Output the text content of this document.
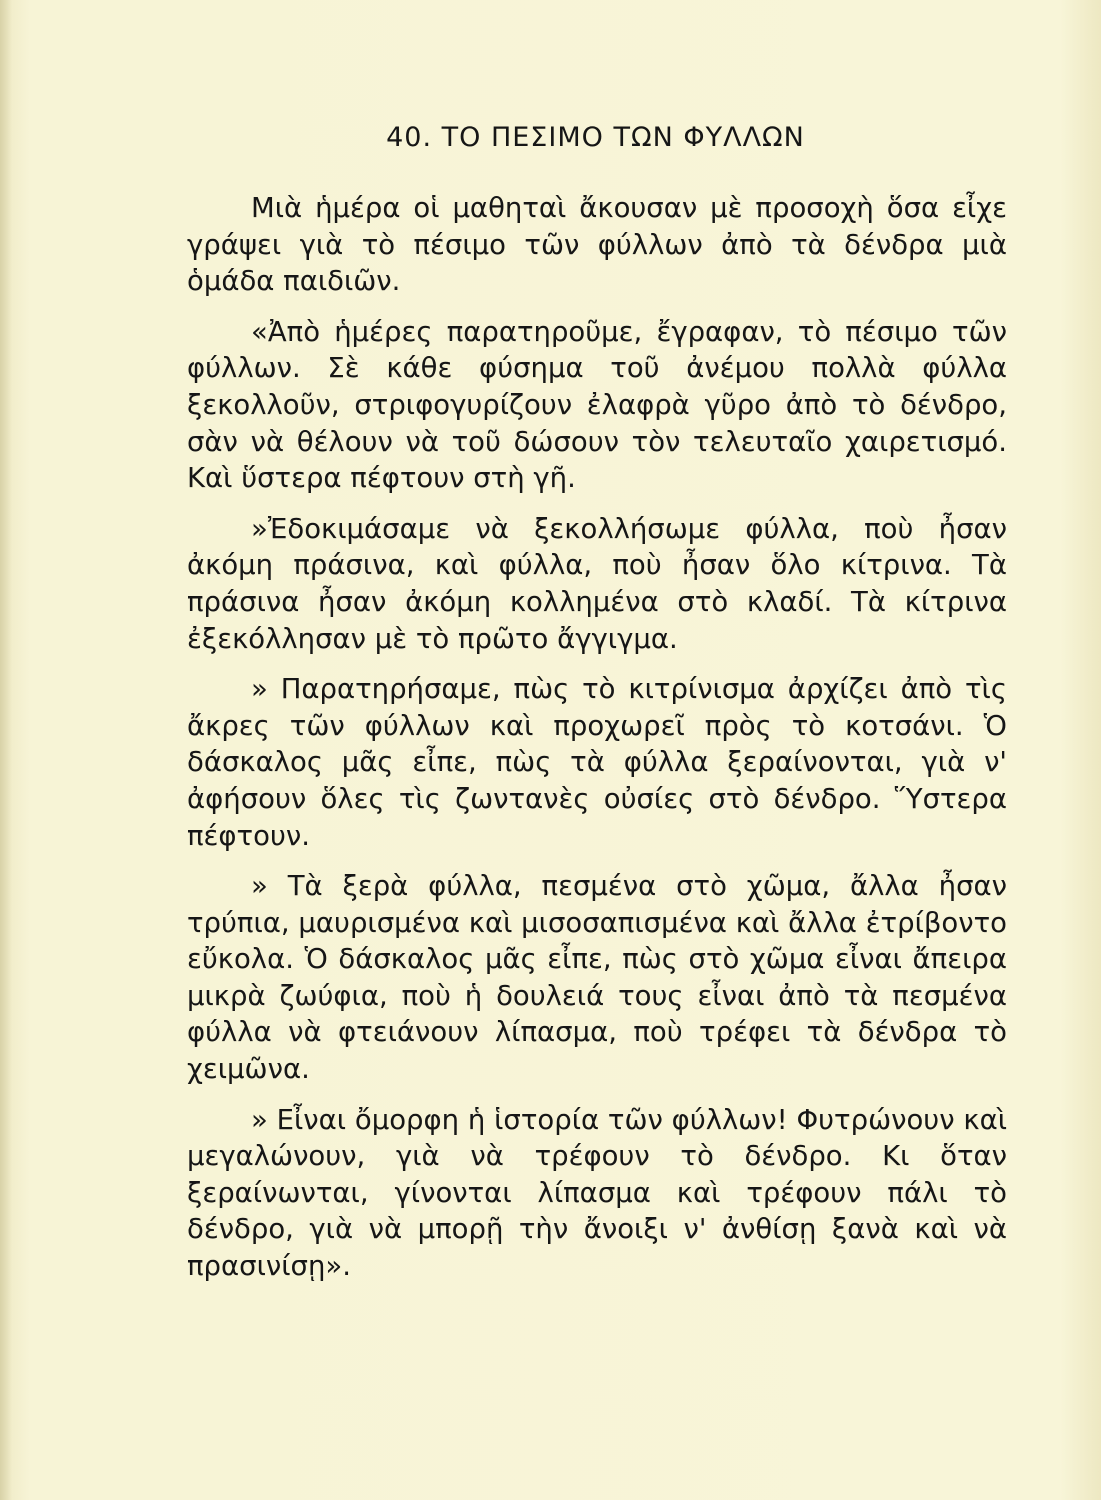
40. ΤΟ ΠΕΣΙΜΟ ΤΩΝ ΦΥΛΛΩΝ

Μιὰ ἡμέρα οἱ μαθηταὶ ἄκουσαν μὲ προσοχὴ ὅσα εἶχε γράψει γιὰ τὸ πέσιμο τῶν φύλλων ἀπὸ τὰ δένδρα μιὰ ὁμάδα παιδιῶν.

«Ἀπὸ ἡμέρες παρατηροῦμε, ἔγραφαν, τὸ πέσιμο τῶν φύλλων. Σὲ κάθε φύσημα τοῦ ἀνέμου πολλὰ φύλλα ξεκολλοῦν, στριφογυρίζουν ἐλαφρὰ γῦρο ἀπὸ τὸ δένδρο, σὰν νὰ θέλουν νὰ τοῦ δώσουν τὸν τελευταῖο χαιρετισμό. Καὶ ὕστερα πέφτουν στὴ γῆ.

»Ἐδοκιμάσαμε νὰ ξεκολλήσωμε φύλλα, ποὺ ἦσαν ἀκόμη πράσινα, καὶ φύλλα, ποὺ ἦσαν ὅλο κίτρινα. Τὰ πράσινα ἦσαν ἀκόμη κολλημένα στὸ κλαδί. Τὰ κίτρινα ἐξεκόλλησαν μὲ τὸ πρῶτο ἄγγιγμα.

» Παρατηρήσαμε, πὼς τὸ κιτρίνισμα ἀρχίζει ἀπὸ τὶς ἄκρες τῶν φύλλων καὶ προχωρεῖ πρὸς τὸ κοτσάνι. Ὁ δάσκαλος μᾶς εἶπε, πὼς τὰ φύλλα ξεραίνονται, γιὰ ν' ἀφήσουν ὅλες τὶς ζωντανὲς οὐσίες στὸ δένδρο. Ὕστερα πέφτουν.

» Τὰ ξερὰ φύλλα, πεσμένα στὸ χῶμα, ἄλλα ἦσαν τρύπια, μαυρισμένα καὶ μισοσαπισμένα καὶ ἄλλα ἐτρίβοντο εὔκολα. Ὁ δάσκαλος μᾶς εἶπε, πὼς στὸ χῶμα εἶναι ἄπειρα μικρὰ ζωύφια, ποὺ ἡ δουλειά τους εἶναι ἀπὸ τὰ πεσμένα φύλλα νὰ φτειάνουν λίπασμα, ποὺ τρέφει τὰ δένδρα τὸ χειμῶνα.

» Εἶναι ὄμορφη ἡ ἱστορία τῶν φύλλων! Φυτρώνουν καὶ μεγαλώνουν, γιὰ νὰ τρέφουν τὸ δένδρο. Κι ὅταν ξεραίνωνται, γίνονται λίπασμα καὶ τρέφουν πάλι τὸ δένδρο, γιὰ νὰ μπορῇ τὴν ἄνοιξι ν' ἀνθίσῃ ξανὰ καὶ νὰ πρασινίσῃ».
